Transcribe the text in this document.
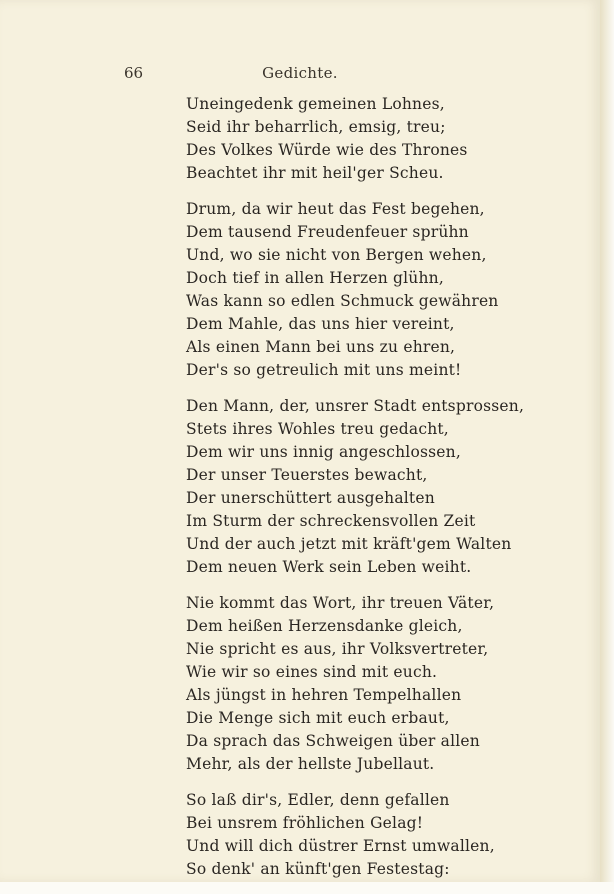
66	Gedichte.
Uneingedenk gemeinen Lohnes,
Seid ihr beharrlich, emsig, treu;
Des Volkes Würde wie des Thrones
Beachtet ihr mit heil'ger Scheu.
Drum, da wir heut das Fest begehen,
Dem tausend Freudenfeuer sprühn
Und, wo sie nicht von Bergen wehen,
Doch tief in allen Herzen glühn,
Was kann so edlen Schmuck gewähren
Dem Mahle, das uns hier vereint,
Als einen Mann bei uns zu ehren,
Der's so getreulich mit uns meint!
Den Mann, der, unsrer Stadt entsprossen,
Stets ihres Wohles treu gedacht,
Dem wir uns innig angeschlossen,
Der unser Teuerstes bewacht,
Der unerschüttert ausgehalten
Im Sturm der schreckensvollen Zeit
Und der auch jetzt mit kräft'gem Walten
Dem neuen Werk sein Leben weiht.
Nie kommt das Wort, ihr treuen Väter,
Dem heißen Herzensdanke gleich,
Nie spricht es aus, ihr Volksvertreter,
Wie wir so eines sind mit euch.
Als jüngst in hehren Tempelhallen
Die Menge sich mit euch erbaut,
Da sprach das Schweigen über allen
Mehr, als der hellste Jubellaut.
So laß dir's, Edler, denn gefallen
Bei unsrem fröhlichen Gelag!
Und will dich düstrer Ernst umwallen,
So denk' an künft'gen Festestag:
